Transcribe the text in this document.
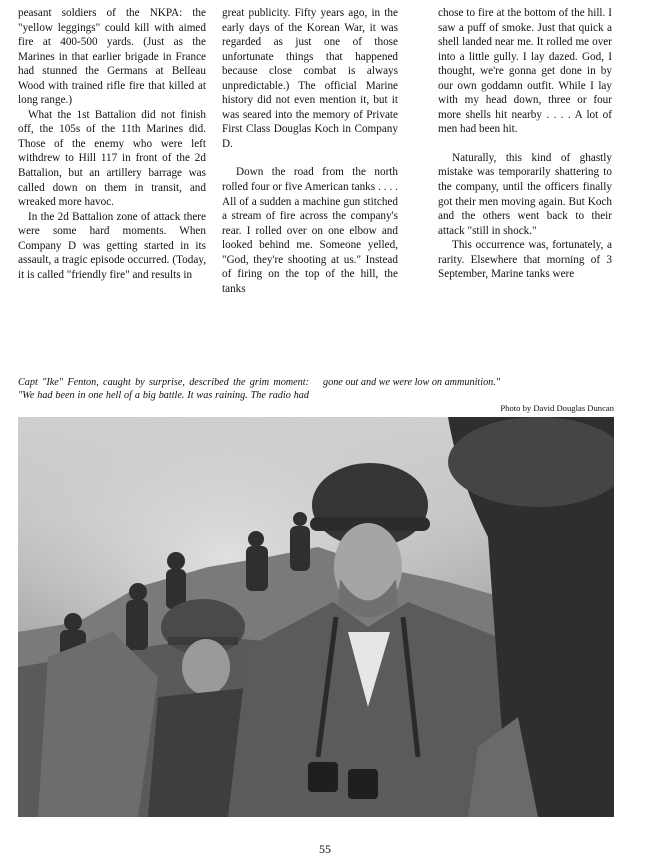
peasant soldiers of the NKPA: the "yellow leggings" could kill with aimed fire at 400-500 yards. (Just as the Marines in that earlier brigade in France had stunned the Germans at Belleau Wood with trained rifle fire that killed at long range.)

What the 1st Battalion did not finish off, the 105s of the 11th Marines did. Those of the enemy who were left withdrew to Hill 117 in front of the 2d Battalion, but an artillery barrage was called down on them in transit, and wreaked more havoc.

In the 2d Battalion zone of attack there were some hard moments. When Company D was getting started in its assault, a tragic episode occurred. (Today, it is called "friendly fire" and results in

great publicity. Fifty years ago, in the early days of the Korean War, it was regarded as just one of those unfortunate things that happened because close combat is always unpredictable.) The official Marine history did not even mention it, but it was seared into the memory of Private First Class Douglas Koch in Company D.

Down the road from the north rolled four or five American tanks . . . . All of a sudden a machine gun stitched a stream of fire across the company's rear. I rolled over on one elbow and looked behind me. Someone yelled, "God, they're shooting at us." Instead of firing on the top of the hill, the tanks

chose to fire at the bottom of the hill. I saw a puff of smoke. Just that quick a shell landed near me. It rolled me over into a little gully. I lay dazed. God, I thought, we're gonna get done in by our own goddamn outfit. While I lay with my head down, three or four more shells hit nearby . . . . A lot of men had been hit.

Naturally, this kind of ghastly mistake was temporarily shattering to the company, until the officers finally got their men moving again. But Koch and the others went back to their attack "still in shock."

This occurrence was, fortunately, a rarity. Elsewhere that morning of 3 September, Marine tanks were

Capt "Ike" Fenton, caught by surprise, described the grim moment: "We had been in one hell of a big battle. It was raining. The radio had gone out and we were low on ammunition."

Photo by David Douglas Duncan
55
